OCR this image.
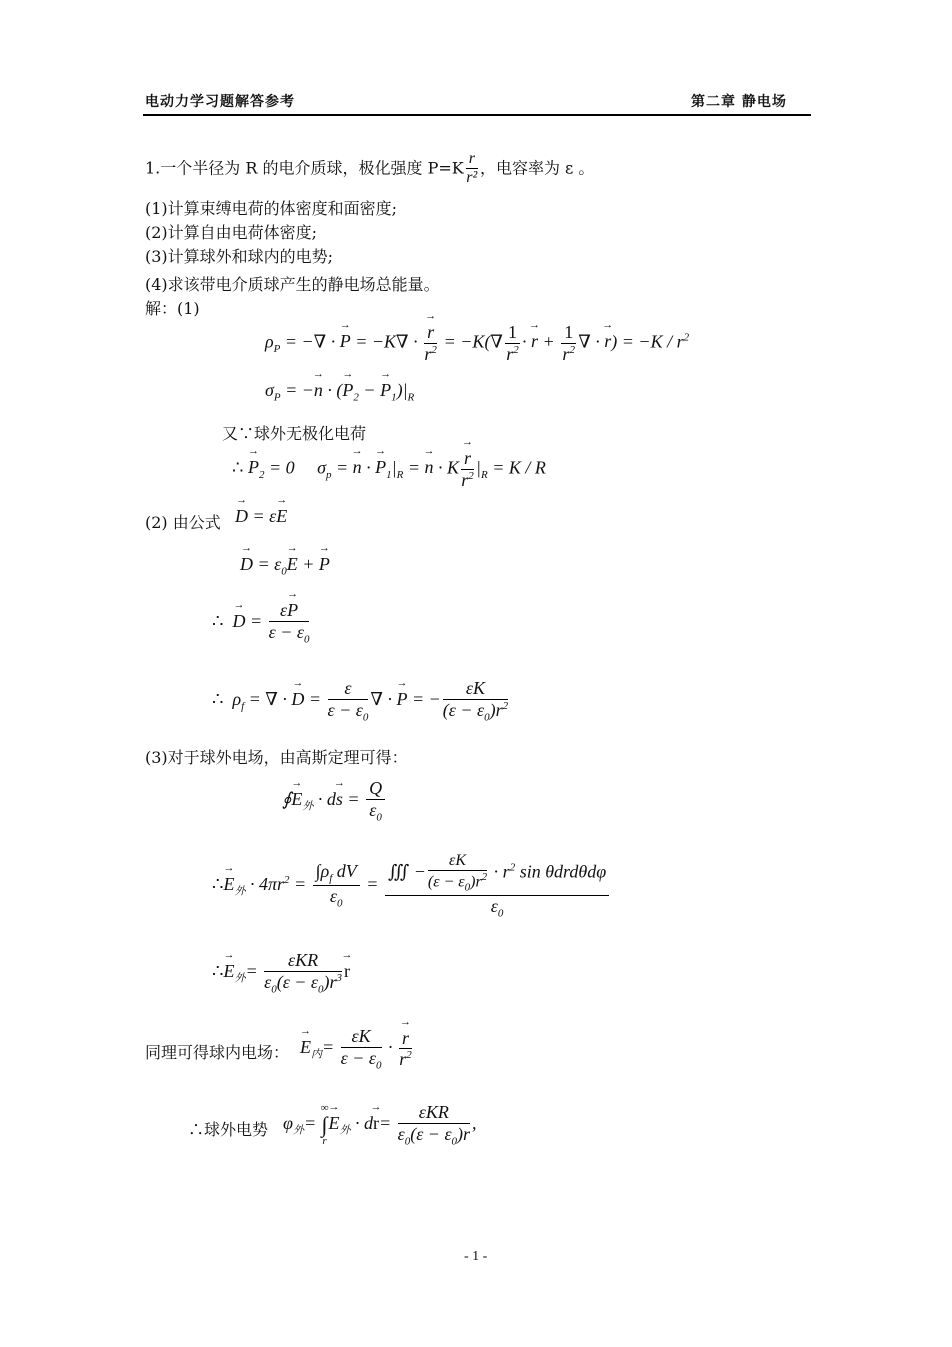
电动力学习题解答参考	第二章 静电场
1.一个半径为 R 的电介质球，极化强度 $P=K \frac{r}{\text{r²}}$ ，电容率为 ε 。
(1)计算束缚电荷的体密度和面密度;
(2)计算自由电荷体密度;
(3)计算球外和球内的电势;
(4)求该带电介质球产生的静电场总能量。
解：(1)
$\rho_P$ = −∇ · → P = −K∇ ·
→ $\frac{r}{r^2} = -K(\nabla \frac{1}{r^2}$ · → $r + \frac{1}{r^2}$ ∇ · → $r) = -K / r^2$
$\sigma_P$ = −→ n · (→ $P_2$ − → $P_1)|_R$
又∵球外无极化电荷
∴ → $P_2 = 0$     $\sigma_p$ = → n · → $P_1|_R$ = → n · K
→ $\frac{r}{r^2} |_R = K / R$
(2) 由公式
→ D = ε→ E
→ $D = \varepsilon_0\to E$ + → P
∴  → $D = \frac{\varepsilon\to P}{\varepsilon - \varepsilon_0}$
∴  $\rho_f$ = ∇ · → $D = \frac{\varepsilon}{\varepsilon - \varepsilon_0}$ ∇ · → P = − $\frac{\varepsilon K}{(\varepsilon - \varepsilon_0)r^2}$
(3)对于球外电场，由高斯定理可得：
∮→ $E_外 \cdot d\to s = \frac{Q}{\varepsilon_0}$
∴→ $E_外 \cdot 4\pi r^2 = \frac{\int\rho_f dV}{\varepsilon_0} = \frac{∭ - \frac{\varepsilon K}{(\varepsilon - \varepsilon_0)r^2} \cdot r^2 \sin \theta drd\theta d\varphi}{\varepsilon_0}$
∴→ $E_外= \frac{\text{εKR}}{\varepsilon_0(\varepsilon - \varepsilon_0)r^3}$
→ r
同理可得球内电场：
→ $E_内= \frac{\varepsilon K}{\varepsilon - \varepsilon_0}$ ·
→ $\frac{r}{r^2}$
∴球外电势 $\varphi_外=$
∞
∫
r
→ $E_外 \cdot d\to r= \frac{\text{εKR}}{\varepsilon_0(\varepsilon - \varepsilon_0)r}$ ,
- 1 -
